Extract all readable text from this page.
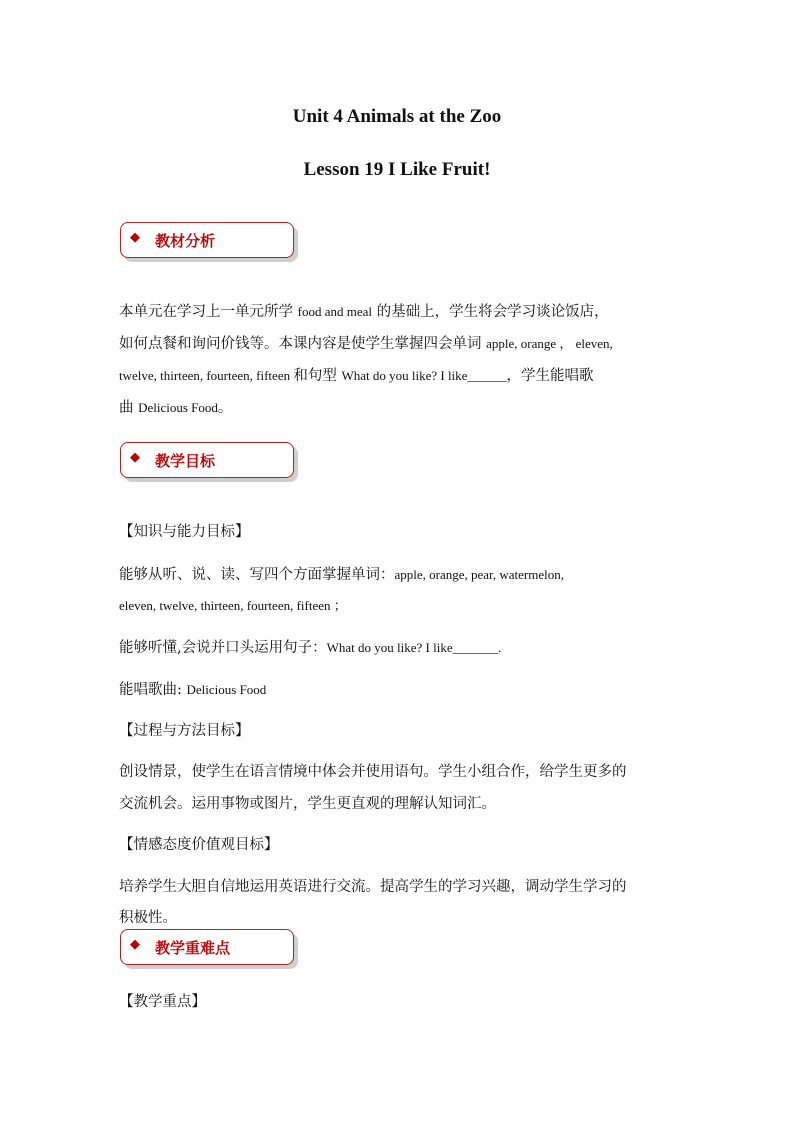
Unit 4 Animals at the Zoo
Lesson 19 I Like Fruit!
◆ 教材分析
本单元在学习上一单元所学 food and meal 的基础上，学生将会学习谈论饭店，
如何点餐和询问价钱等。本课内容是使学生掌握四会单词 apple, orange ， eleven,
twelve, thirteen, fourteen, fifteen 和句型 What do you like? I like______，学生能唱歌
曲 Delicious Food。
◆ 教学目标
【知识与能力目标】
能够从听、说、读、写四个方面掌握单词：apple, orange, pear, watermelon,
eleven, twelve, thirteen, fourteen, fifteen ；
能够听懂,会说并口头运用句子：What do you like? I like_______.
能唱歌曲: Delicious Food
【过程与方法目标】
创设情景，使学生在语言情境中体会并使用语句。学生小组合作，给学生更多的
交流机会。运用事物或图片，学生更直观的理解认知词汇。
【情感态度价值观目标】
培养学生大胆自信地运用英语进行交流。提高学生的学习兴趣，调动学生学习的
积极性。
◆ 教学重难点
【教学重点】
